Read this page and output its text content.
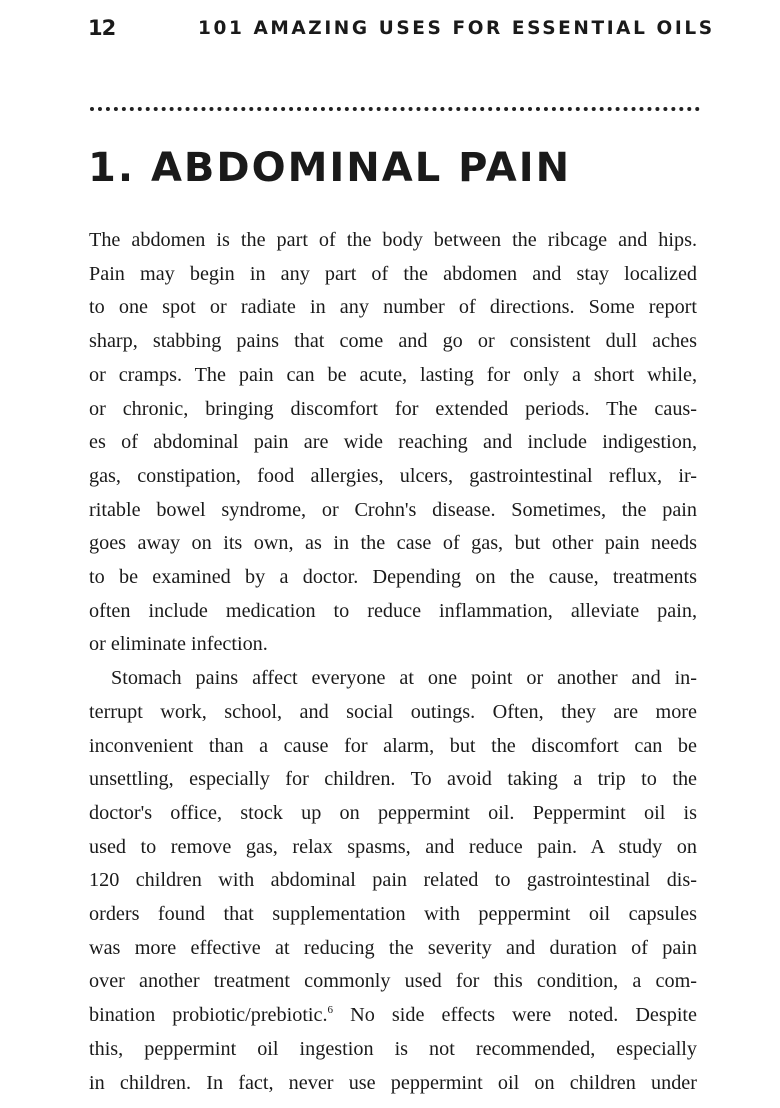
12	101 AMAZING USES FOR ESSENTIAL OILS
1. ABDOMINAL PAIN
The abdomen is the part of the body between the ribcage and hips.
Pain may begin in any part of the abdomen and stay localized
to one spot or radiate in any number of directions. Some report
sharp, stabbing pains that come and go or consistent dull aches
or cramps. The pain can be acute, lasting for only a short while,
or chronic, bringing discomfort for extended periods. The caus-
es of abdominal pain are wide reaching and include indigestion,
gas, constipation, food allergies, ulcers, gastrointestinal reflux, ir-
ritable bowel syndrome, or Crohn's disease. Sometimes, the pain
goes away on its own, as in the case of gas, but other pain needs
to be examined by a doctor. Depending on the cause, treatments
often include medication to reduce inflammation, alleviate pain,
or eliminate infection.
Stomach pains affect everyone at one point or another and in-
terrupt work, school, and social outings. Often, they are more
inconvenient than a cause for alarm, but the discomfort can be
unsettling, especially for children. To avoid taking a trip to the
doctor's office, stock up on peppermint oil. Peppermint oil is
used to remove gas, relax spasms, and reduce pain. A study on
120 children with abdominal pain related to gastrointestinal dis-
orders found that supplementation with peppermint oil capsules
was more effective at reducing the severity and duration of pain
over another treatment commonly used for this condition, a com-
bination probiotic/prebiotic.$^6$ No side effects were noted. Despite
this, peppermint oil ingestion is not recommended, especially
in children. In fact, never use peppermint oil on children under
